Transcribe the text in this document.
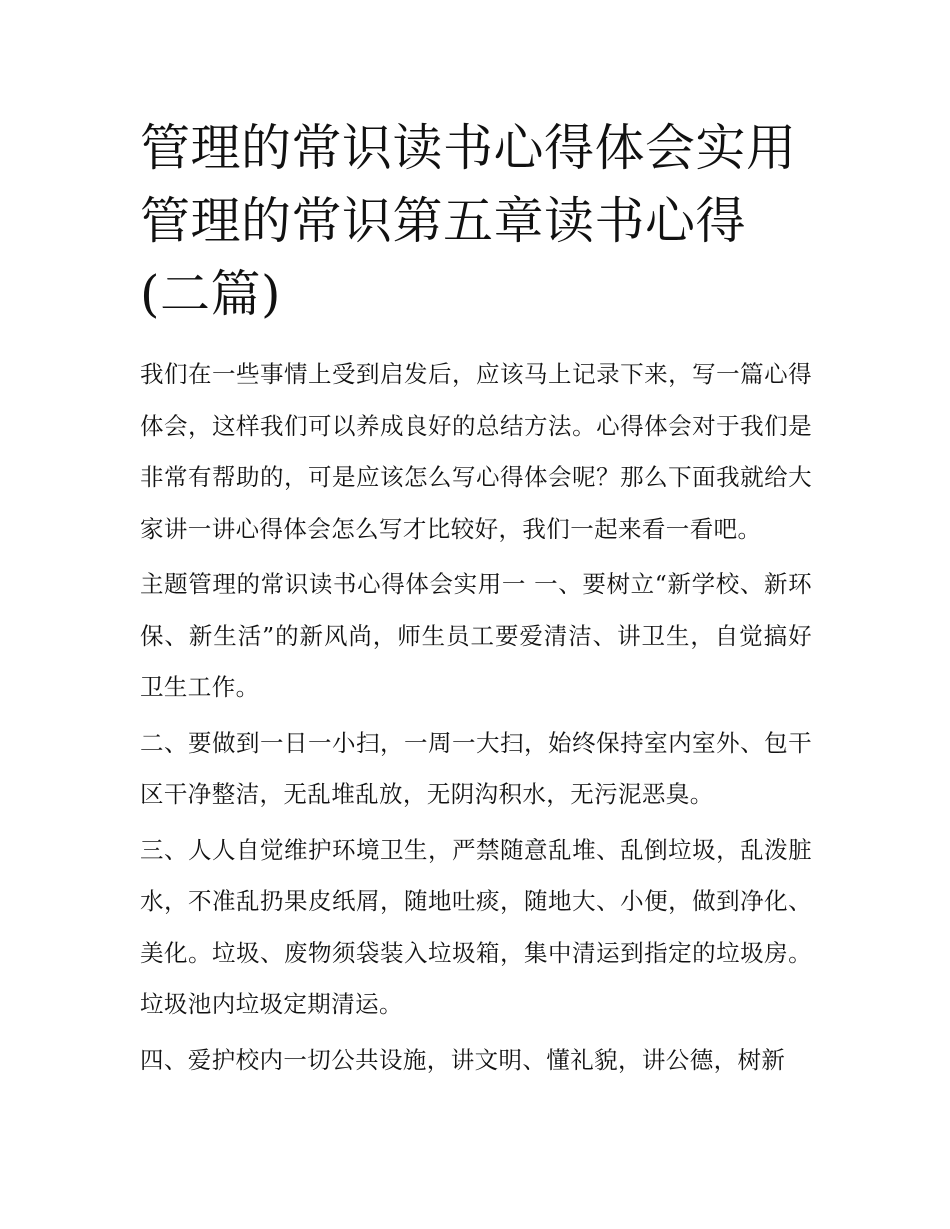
管理的常识读书心得体会实用管理的常识第五章读书心得(二篇)

我们在一些事情上受到启发后，应该马上记录下来，写一篇心得体会，这样我们可以养成良好的总结方法。心得体会对于我们是非常有帮助的，可是应该怎么写心得体会呢？那么下面我就给大家讲一讲心得体会怎么写才比较好，我们一起来看一看吧。

主题管理的常识读书心得体会实用一 一、要树立“新学校、新环保、新生活”的新风尚，师生员工要爱清洁、讲卫生，自觉搞好卫生工作。

二、要做到一日一小扫，一周一大扫，始终保持室内室外、包干区干净整洁，无乱堆乱放，无阴沟积水，无污泥恶臭。

三、人人自觉维护环境卫生，严禁随意乱堆、乱倒垃圾，乱泼脏水，不准乱扔果皮纸屑，随地吐痰，随地大、小便，做到净化、美化。垃圾、废物须袋装入垃圾箱，集中清运到指定的垃圾房。垃圾池内垃圾定期清运。

四、爱护校内一切公共设施，讲文明、懂礼貌，讲公德，树新
